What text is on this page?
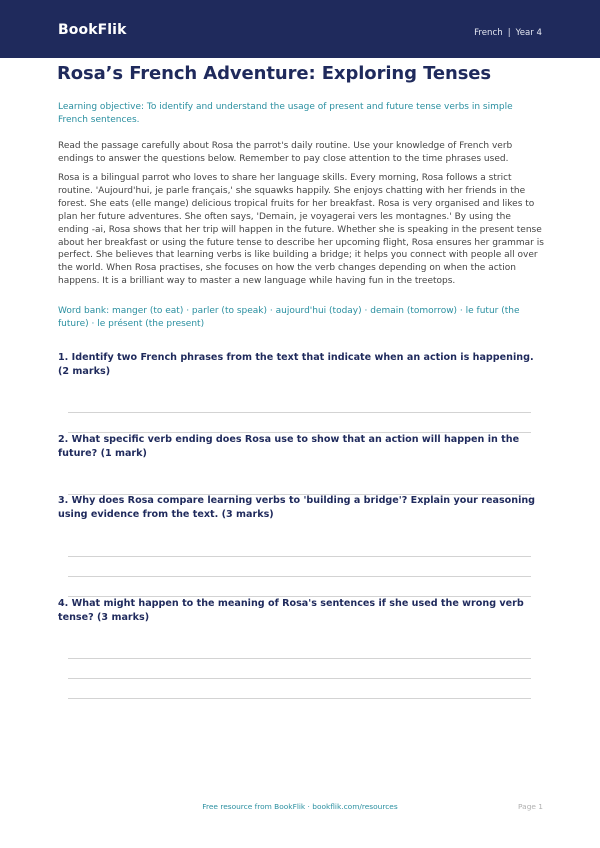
BookFlik	French | Year 4
Rosa’s French Adventure: Exploring Tenses
Learning objective: To identify and understand the usage of present and future tense verbs in simple French sentences.
Read the passage carefully about Rosa the parrot's daily routine. Use your knowledge of French verb endings to answer the questions below. Remember to pay close attention to the time phrases used.
Rosa is a bilingual parrot who loves to share her language skills. Every morning, Rosa follows a strict routine. 'Aujourd'hui, je parle français,' she squawks happily. She enjoys chatting with her friends in the forest. She eats (elle mange) delicious tropical fruits for her breakfast. Rosa is very organised and likes to plan her future adventures. She often says, 'Demain, je voyagerai vers les montagnes.' By using the ending -ai, Rosa shows that her trip will happen in the future. Whether she is speaking in the present tense about her breakfast or using the future tense to describe her upcoming flight, Rosa ensures her grammar is perfect. She believes that learning verbs is like building a bridge; it helps you connect with people all over the world. When Rosa practises, she focuses on how the verb changes depending on when the action happens. It is a brilliant way to master a new language while having fun in the treetops.
Word bank: manger (to eat) · parler (to speak) · aujourd'hui (today) · demain (tomorrow) · le futur (the future) · le présent (the present)
1. Identify two French phrases from the text that indicate when an action is happening. (2 marks)
2. What specific verb ending does Rosa use to show that an action will happen in the future? (1 mark)
3. Why does Rosa compare learning verbs to 'building a bridge'? Explain your reasoning using evidence from the text. (3 marks)
4. What might happen to the meaning of Rosa's sentences if she used the wrong verb tense? (3 marks)
Free resource from BookFlik · bookflik.com/resources	Page 1
